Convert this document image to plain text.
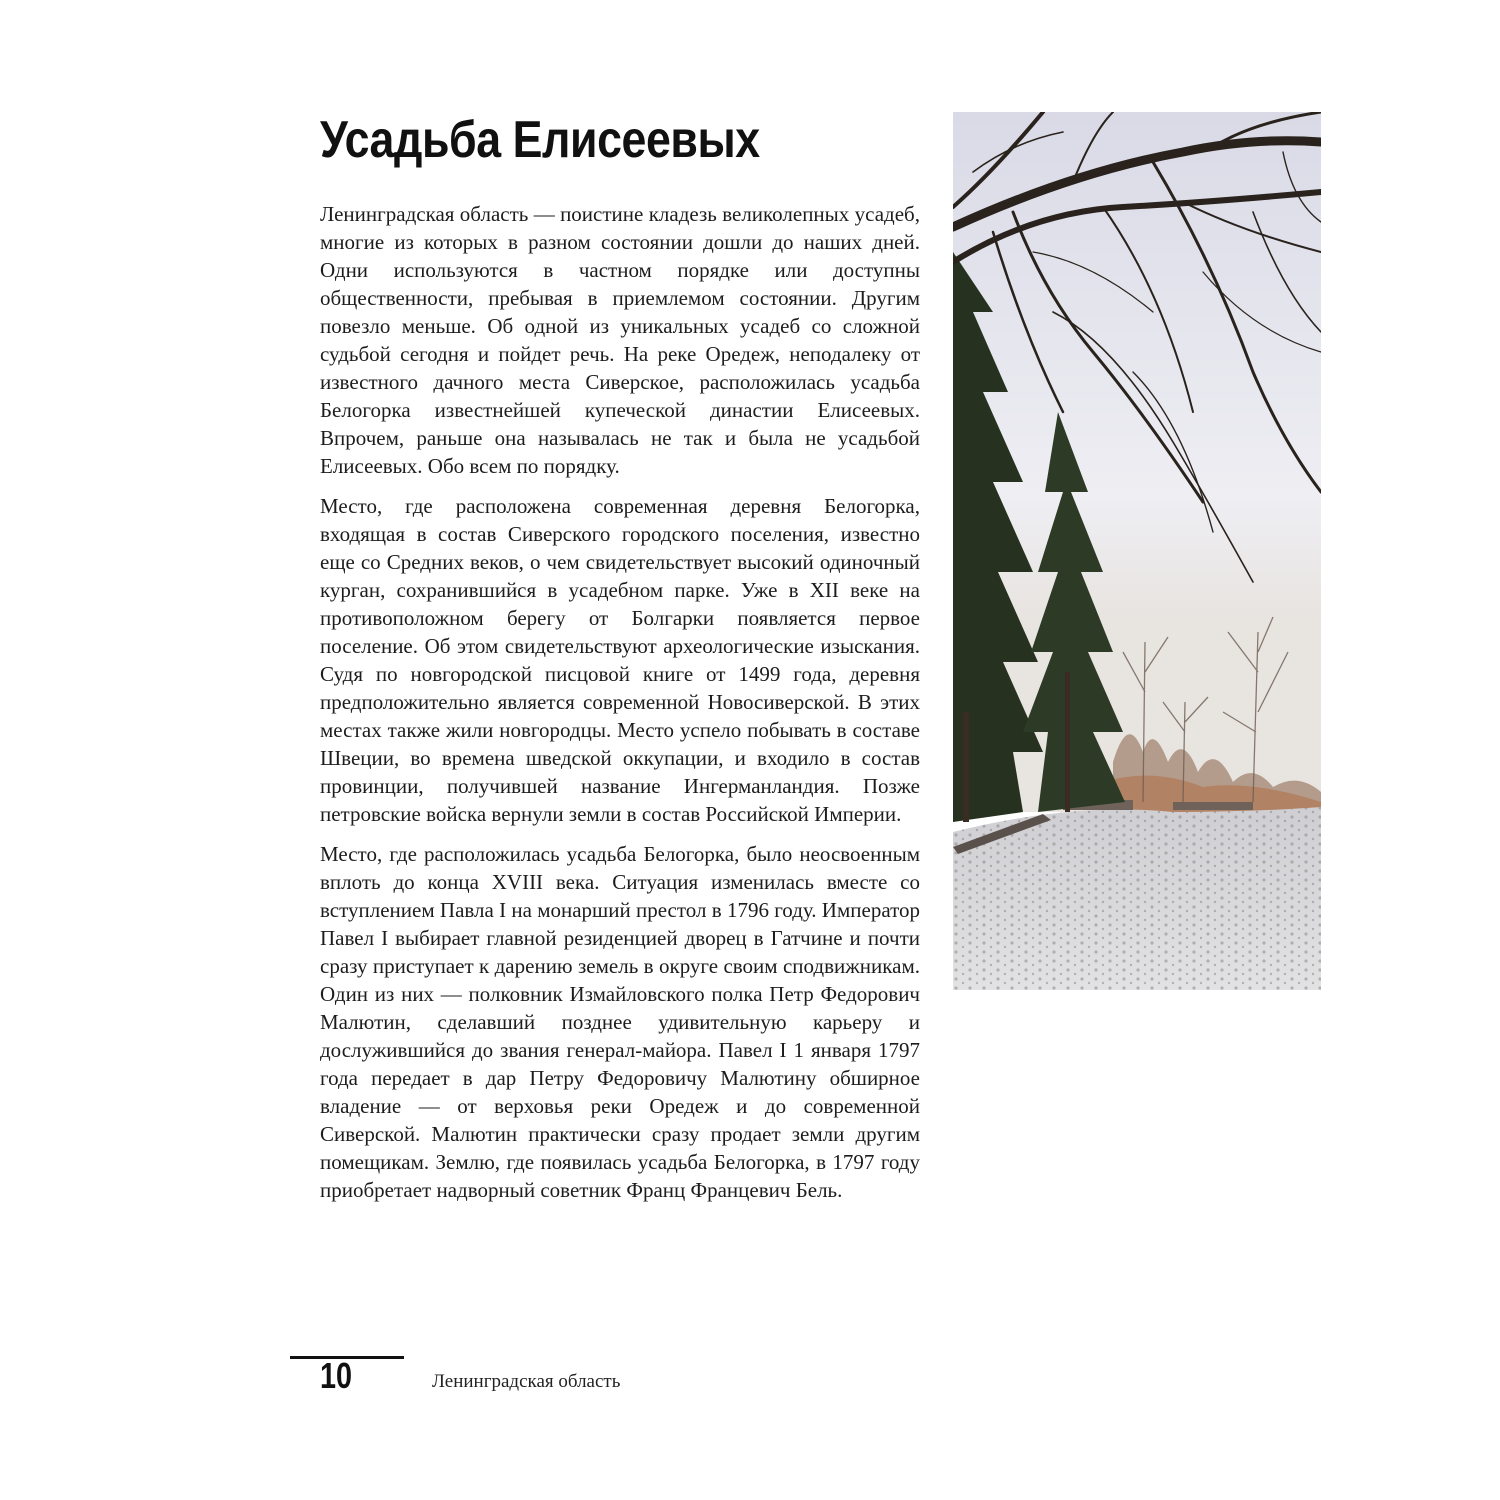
Усадьба Елисеевых

Ленинградская область — поистине кладезь великолепных усадеб, многие из которых в разном состоянии дошли до наших дней. Одни используются в частном порядке или доступны общественности, пребывая в приемлемом состоянии. Другим повезло меньше. Об одной из уникальных усадеб со сложной судьбой сегодня и пойдет речь. На реке Оредеж, неподалеку от известного дачного места Сиверское, расположилась усадьба Белогорка известнейшей купеческой династии Елисеевых. Впрочем, раньше она называлась не так и была не усадьбой Елисеевых. Обо всем по порядку.

Место, где расположена современная деревня Белогорка, входящая в состав Сиверского городского поселения, известно еще со Средних веков, о чем свидетельствует высокий одиночный курган, сохранившийся в усадебном парке. Уже в XII веке на противоположном берегу от Болгарки появляется первое поселение. Об этом свидетельствуют археологические изыскания. Судя по новгородской писцовой книге от 1499 года, деревня предположительно является современной Новосиверской. В этих местах также жили новгородцы. Место успело побывать в составе Швеции, во времена шведской оккупации, и входило в состав провинции, получившей название Ингерманландия. Позже петровские войска вернули земли в состав Российской Империи.

Место, где расположилась усадьба Белогорка, было неосвоенным вплоть до конца XVIII века. Ситуация изменилась вместе со вступлением Павла I на монарший престол в 1796 году. Император Павел I выбирает главной резиденцией дворец в Гатчине и почти сразу приступает к дарению земель в округе своим сподвижникам. Один из них — полковник Измайловского полка Петр Федорович Малютин, сделавший позднее удивительную карьеру и дослужившийся до звания генерал-майора. Павел I 1 января 1797 года передает в дар Петру Федоровичу Малютину обширное владение — от верховья реки Оредеж и до современной Сиверской. Малютин практически сразу продает земли другим помещикам. Землю, где появилась усадьба Белогорка, в 1797 году приобретает надворный советник Франц Францевич Бель.

10	Ленинградская область
